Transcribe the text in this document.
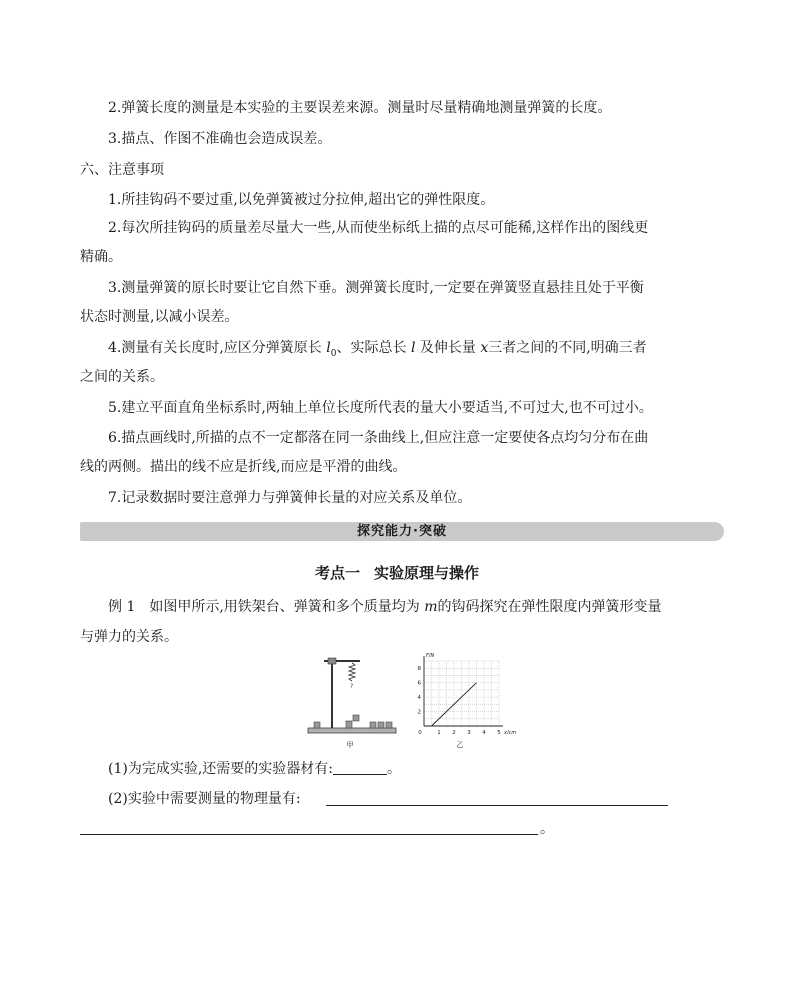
2.弹簧长度的测量是本实验的主要误差来源。测量时尽量精确地测量弹簧的长度。
3.描点、作图不准确也会造成误差。
六、注意事项
1.所挂钩码不要过重,以免弹簧被过分拉伸,超出它的弹性限度。
2.每次所挂钩码的质量差尽量大一些,从而使坐标纸上描的点尽可能稀,这样作出的图线更
精确。
3.测量弹簧的原长时要让它自然下垂。测弹簧长度时,一定要在弹簧竖直悬挂且处于平衡
状态时测量,以减小误差。
4.测量有关长度时,应区分弹簧原长 $l_0$、实际总长 l 及伸长量 x三者之间的不同,明确三者
之间的关系。
5.建立平面直角坐标系时,两轴上单位长度所代表的量大小要适当,不可过大,也不可过小。
6.描点画线时,所描的点不一定都落在同一条曲线上,但应注意一定要使各点均匀分布在曲
线的两侧。描出的线不应是折线,而应是平滑的曲线。
7.记录数据时要注意弹力与弹簧伸长量的对应关系及单位。
探究能力·突破
考点一 实验原理与操作
例 1　如图甲所示,用铁架台、弹簧和多个质量均为 m的钩码探究在弹性限度内弹簧形变量
与弹力的关系。
?
甲
2
4
6
8
0	1 2 3 4 5
F/N
x/cm
乙
(1)为完成实验,还需要的实验器材有:	。
(2)实验中需要测量的物理量有:
。
